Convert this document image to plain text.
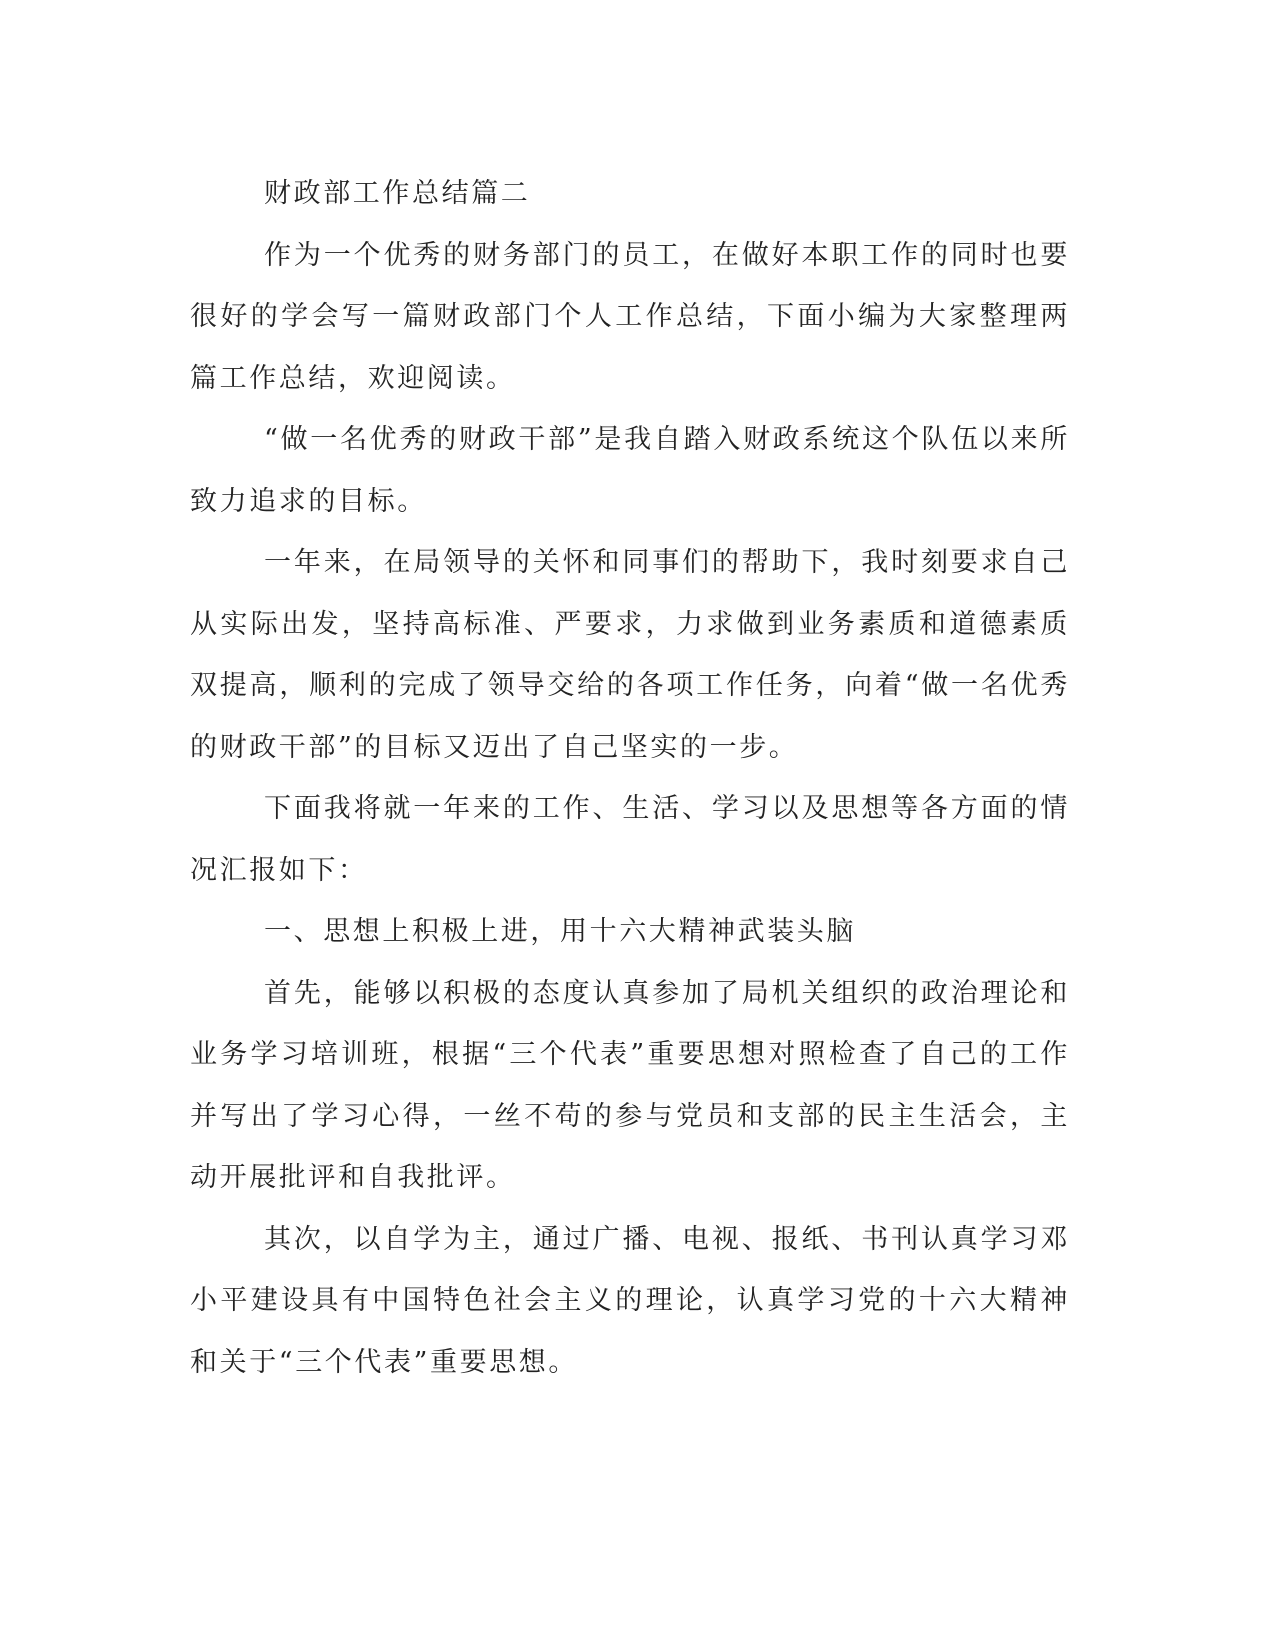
财政部工作总结篇二

作为一个优秀的财务部门的员工，在做好本职工作的同时也要很好的学会写一篇财政部门个人工作总结，下面小编为大家整理两篇工作总结，欢迎阅读。

“做一名优秀的财政干部”是我自踏入财政系统这个队伍以来所致力追求的目标。

一年来，在局领导的关怀和同事们的帮助下，我时刻要求自己从实际出发，坚持高标准、严要求，力求做到业务素质和道德素质双提高，顺利的完成了领导交给的各项工作任务，向着“做一名优秀的财政干部”的目标又迈出了自己坚实的一步。

下面我将就一年来的工作、生活、学习以及思想等各方面的情况汇报如下：

一、思想上积极上进，用十六大精神武装头脑

首先，能够以积极的态度认真参加了局机关组织的政治理论和业务学习培训班，根据“三个代表”重要思想对照检查了自己的工作并写出了学习心得，一丝不苟的参与党员和支部的民主生活会，主动开展批评和自我批评。

其次，以自学为主，通过广播、电视、报纸、书刊认真学习邓小平建设具有中国特色社会主义的理论，认真学习党的十六大精神和关于“三个代表”重要思想。
